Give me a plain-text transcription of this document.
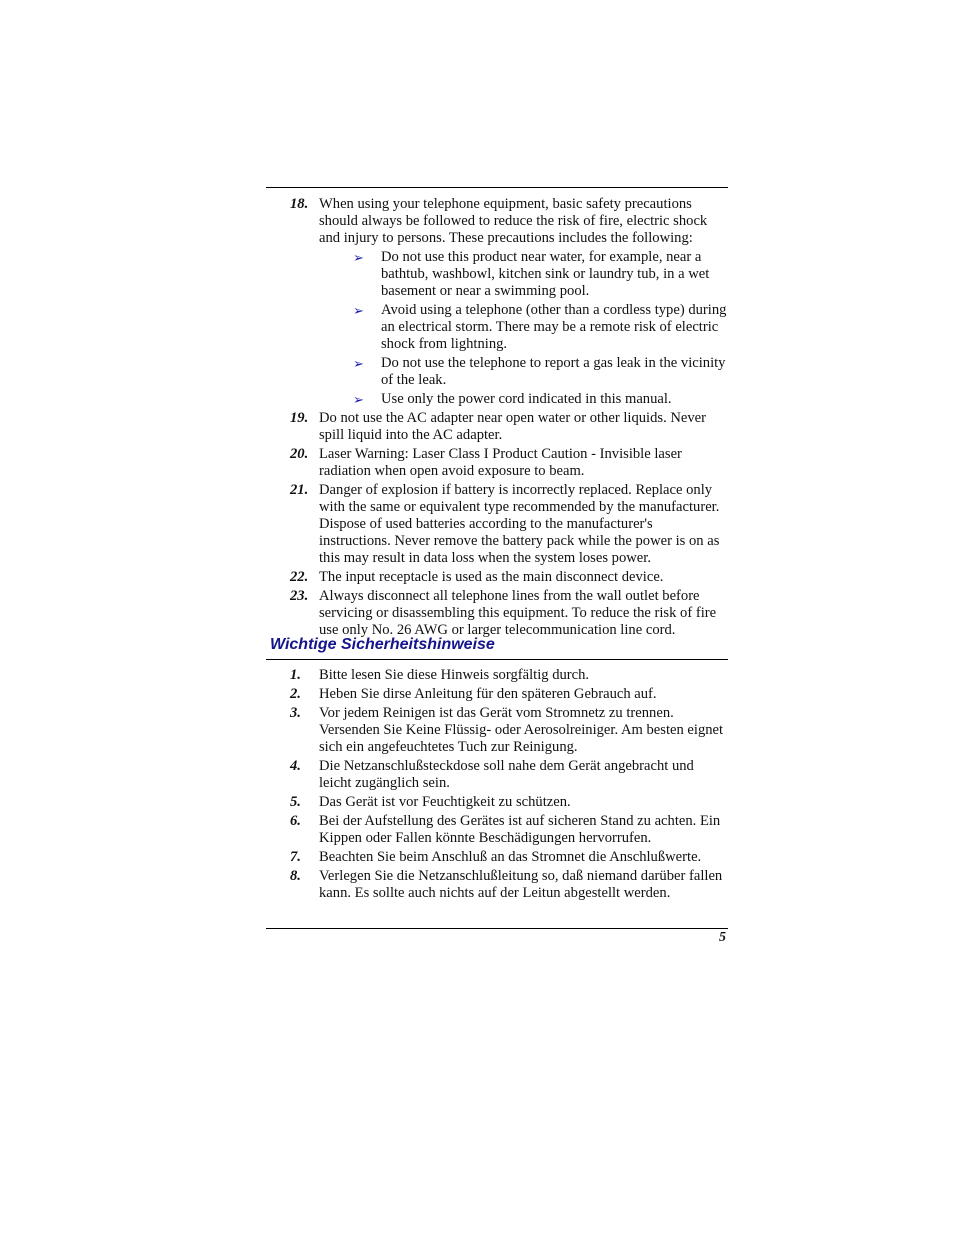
18. When using your telephone equipment, basic safety precautions should always be followed to reduce the risk of fire, electric shock and injury to persons. These precautions includes the following:
➢ Do not use this product near water, for example, near a bathtub, washbowl, kitchen sink or laundry tub, in a wet basement or near a swimming pool.
➢ Avoid using a telephone (other than a cordless type) during an electrical storm. There may be a remote risk of electric shock from lightning.
➢ Do not use the telephone to report a gas leak in the vicinity of the leak.
➢ Use only the power cord indicated in this manual.
19. Do not use the AC adapter near open water or other liquids. Never spill liquid into the AC adapter.
20. Laser Warning: Laser Class I Product Caution - Invisible laser radiation when open avoid exposure to beam.
21. Danger of explosion if battery is incorrectly replaced. Replace only with the same or equivalent type recommended by the manufacturer. Dispose of used batteries according to the manufacturer's instructions. Never remove the battery pack while the power is on as this may result in data loss when the system loses power.
22. The input receptacle is used as the main disconnect device.
23. Always disconnect all telephone lines from the wall outlet before servicing or disassembling this equipment. To reduce the risk of fire use only No. 26 AWG or larger telecommunication line cord.
Wichtige Sicherheitshinweise
1. Bitte lesen Sie diese Hinweis sorgfältig durch.
2. Heben Sie dirse Anleitung für den späteren Gebrauch auf.
3. Vor jedem Reinigen ist das Gerät vom Stromnetz zu trennen. Versenden Sie Keine Flüssig- oder Aerosolreiniger. Am besten eignet sich ein angefeuchtetes Tuch zur Reinigung.
4. Die Netzanschlußsteckdose soll nahe dem Gerät angebracht und leicht zugänglich sein.
5. Das Gerät ist vor Feuchtigkeit zu schützen.
6. Bei der Aufstellung des Gerätes ist auf sicheren Stand zu achten. Ein Kippen oder Fallen könnte Beschädigungen hervorrufen.
7. Beachten Sie beim Anschluß an das Stromnet die Anschlußwerte.
8. Verlegen Sie die Netzanschlußleitung so, daß niemand darüber fallen kann. Es sollte auch nichts auf der Leitun abgestellt werden.
5
